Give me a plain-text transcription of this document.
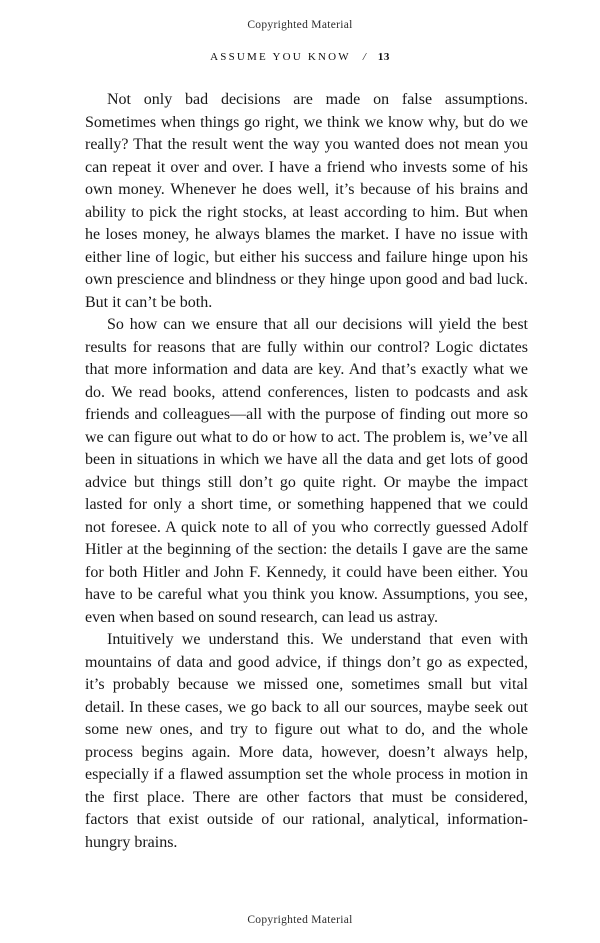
Copyrighted Material
ASSUME YOU KNOW / 13

Not only bad decisions are made on false assumptions. Sometimes when things go right, we think we know why, but do we really? That the result went the way you wanted does not mean you can repeat it over and over. I have a friend who invests some of his own money. Whenever he does well, it’s because of his brains and ability to pick the right stocks, at least according to him. But when he loses money, he always blames the market. I have no issue with either line of logic, but either his success and failure hinge upon his own prescience and blindness or they hinge upon good and bad luck. But it can’t be both.

So how can we ensure that all our decisions will yield the best results for reasons that are fully within our control? Logic dictates that more information and data are key. And that’s exactly what we do. We read books, attend conferences, listen to podcasts and ask friends and colleagues—all with the purpose of finding out more so we can figure out what to do or how to act. The problem is, we’ve all been in situations in which we have all the data and get lots of good advice but things still don’t go quite right. Or maybe the impact lasted for only a short time, or something happened that we could not foresee. A quick note to all of you who correctly guessed Adolf Hitler at the beginning of the section: the details I gave are the same for both Hitler and John F. Kennedy, it could have been either. You have to be careful what you think you know. Assumptions, you see, even when based on sound research, can lead us astray.

Intuitively we understand this. We understand that even with mountains of data and good advice, if things don’t go as expected, it’s probably because we missed one, sometimes small but vital detail. In these cases, we go back to all our sources, maybe seek out some new ones, and try to figure out what to do, and the whole process begins again. More data, however, doesn’t always help, especially if a flawed assumption set the whole process in motion in the first place. There are other factors that must be considered, factors that exist outside of our rational, analytical, information-hungry brains.

Copyrighted Material
